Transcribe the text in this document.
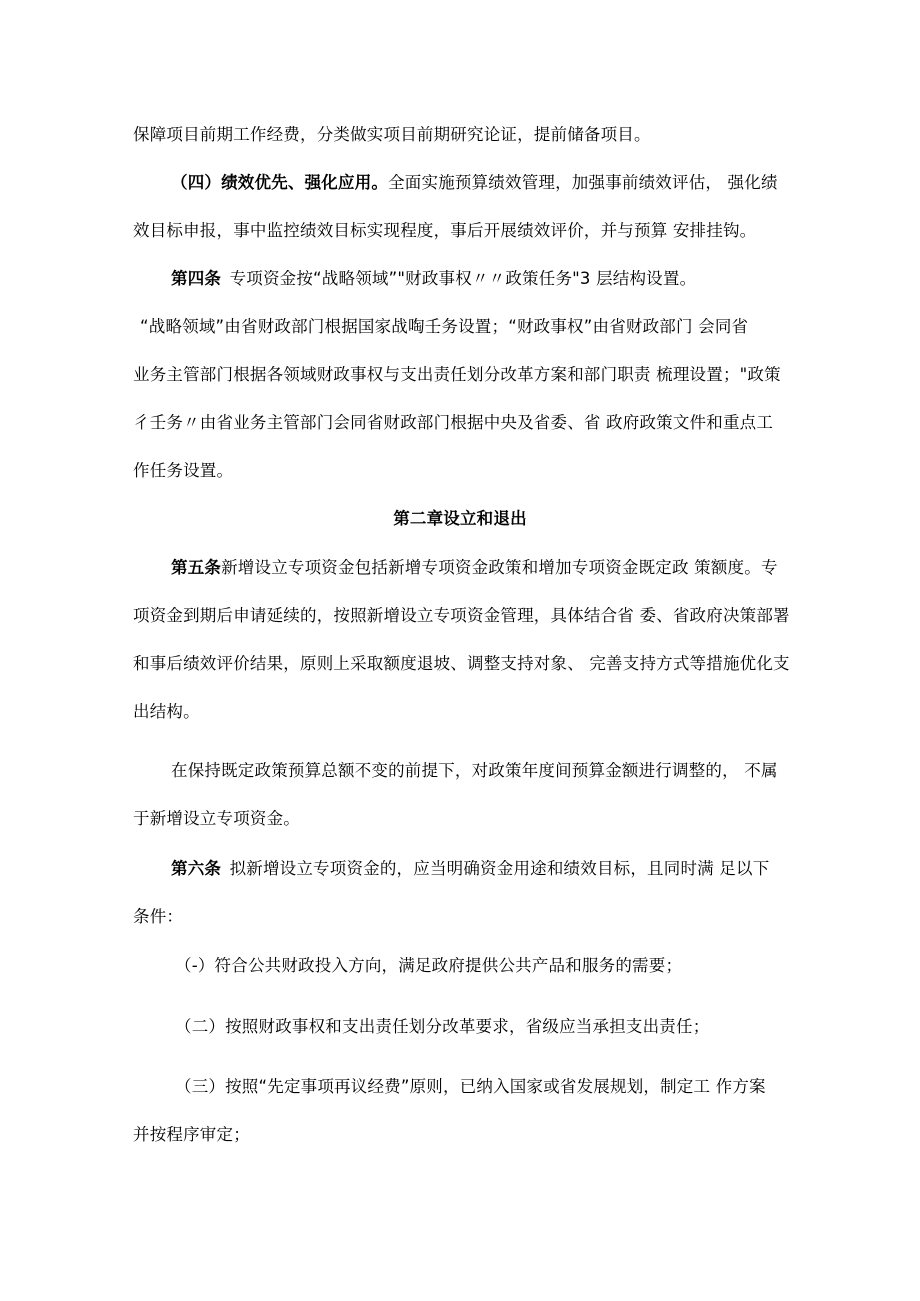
保障项目前期工作经费，分类做实项目前期研究论证，提前储备项目。
（四）绩效优先、强化应用。全面实施预算绩效管理，加强事前绩效评估， 强化绩
效目标申报，事中监控绩效目标实现程度，事后开展绩效评价，并与预算 安排挂钩。
第四条  专项资金按“战略领域”"财政事权〃〃政策任务"3 层结构设置。
“战略领域”由省财政部门根据国家战啕壬务设置；“财政事权”由省财政部门 会同省
业务主管部门根据各领域财政事权与支出责任划分改革方案和部门职责 梳理设置；"政策
彳壬务〃由省业务主管部门会同省财政部门根据中央及省委、省 政府政策文件和重点工
作任务设置。
第二章设立和退出
第五条新增设立专项资金包括新增专项资金政策和增加专项资金既定政 策额度。专
项资金到期后申请延续的，按照新增设立专项资金管理，具体结合省 委、省政府决策部署
和事后绩效评价结果，原则上采取额度退坡、调整支持对象、 完善支持方式等措施优化支
出结构。
在保持既定政策预算总额不变的前提下，对政策年度间预算金额进行调整的， 不属
于新增设立专项资金。
第六条  拟新增设立专项资金的，应当明确资金用途和绩效目标，且同时满 足以下
条件：
（-）符合公共财政投入方向，满足政府提供公共产品和服务的需要；
（二）按照财政事权和支出责任划分改革要求，省级应当承担支出责任；
（三）按照“先定事项再议经费”原则，已纳入国家或省发展规划，制定工 作方案
并按程序审定；
